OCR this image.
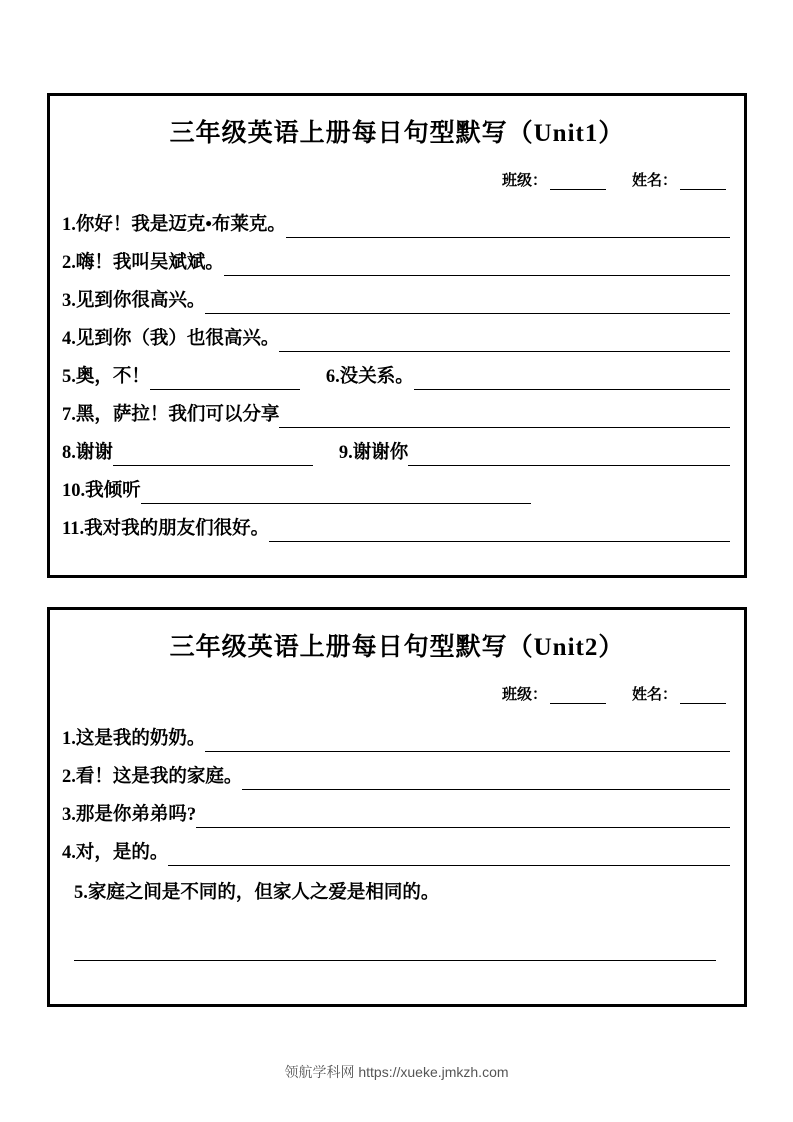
三年级英语上册每日句型默写（Unit1）
班级：	姓名：
1.你好！我是迈克•布莱克。
2.嗨！我叫吴斌斌。
3.见到你很高兴。
4.见到你（我）也很高兴。
5.奥，不！	6.没关系。
7.黑，萨拉！我们可以分享
8.谢谢	9.谢谢你
10.我倾听
11.我对我的朋友们很好。
三年级英语上册每日句型默写（Unit2）
班级：	姓名：
1.这是我的奶奶。
2.看！这是我的家庭。
3.那是你弟弟吗?
4.对，是的。
5.家庭之间是不同的，但家人之爱是相同的。
领航学科网 https://xueke.jmkzh.com
